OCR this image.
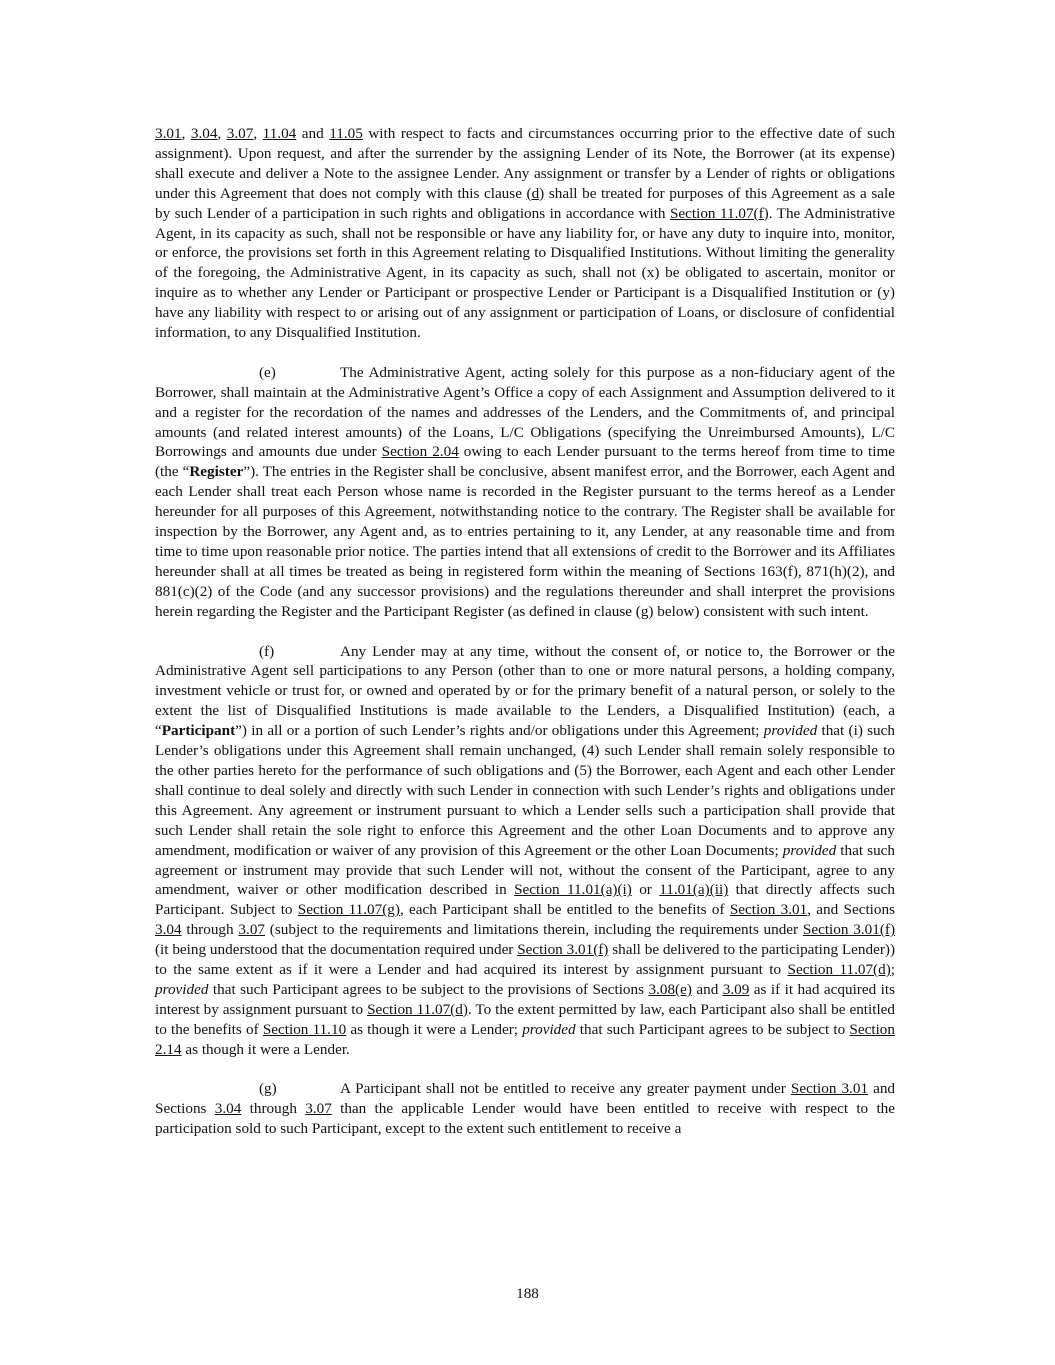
3.01, 3.04, 3.07, 11.04 and 11.05 with respect to facts and circumstances occurring prior to the effective date of such assignment). Upon request, and after the surrender by the assigning Lender of its Note, the Borrower (at its expense) shall execute and deliver a Note to the assignee Lender. Any assignment or transfer by a Lender of rights or obligations under this Agreement that does not comply with this clause (d) shall be treated for purposes of this Agreement as a sale by such Lender of a participation in such rights and obligations in accordance with Section 11.07(f). The Administrative Agent, in its capacity as such, shall not be responsible or have any liability for, or have any duty to inquire into, monitor, or enforce, the provisions set forth in this Agreement relating to Disqualified Institutions. Without limiting the generality of the foregoing, the Administrative Agent, in its capacity as such, shall not (x) be obligated to ascertain, monitor or inquire as to whether any Lender or Participant or prospective Lender or Participant is a Disqualified Institution or (y) have any liability with respect to or arising out of any assignment or participation of Loans, or disclosure of confidential information, to any Disqualified Institution.

(e)	The Administrative Agent, acting solely for this purpose as a non-fiduciary agent of the Borrower, shall maintain at the Administrative Agent’s Office a copy of each Assignment and Assumption delivered to it and a register for the recordation of the names and addresses of the Lenders, and the Commitments of, and principal amounts (and related interest amounts) of the Loans, L/C Obligations (specifying the Unreimbursed Amounts), L/C Borrowings and amounts due under Section 2.04 owing to each Lender pursuant to the terms hereof from time to time (the “Register”). The entries in the Register shall be conclusive, absent manifest error, and the Borrower, each Agent and each Lender shall treat each Person whose name is recorded in the Register pursuant to the terms hereof as a Lender hereunder for all purposes of this Agreement, notwithstanding notice to the contrary. The Register shall be available for inspection by the Borrower, any Agent and, as to entries pertaining to it, any Lender, at any reasonable time and from time to time upon reasonable prior notice. The parties intend that all extensions of credit to the Borrower and its Affiliates hereunder shall at all times be treated as being in registered form within the meaning of Sections 163(f), 871(h)(2), and 881(c)(2) of the Code (and any successor provisions) and the regulations thereunder and shall interpret the provisions herein regarding the Register and the Participant Register (as defined in clause (g) below) consistent with such intent.

(f)	Any Lender may at any time, without the consent of, or notice to, the Borrower or the Administrative Agent sell participations to any Person (other than to one or more natural persons, a holding company, investment vehicle or trust for, or owned and operated by or for the primary benefit of a natural person, or solely to the extent the list of Disqualified Institutions is made available to the Lenders, a Disqualified Institution) (each, a “Participant”) in all or a portion of such Lender’s rights and/or obligations under this Agreement; provided that (i) such Lender’s obligations under this Agreement shall remain unchanged, (4) such Lender shall remain solely responsible to the other parties hereto for the performance of such obligations and (5) the Borrower, each Agent and each other Lender shall continue to deal solely and directly with such Lender in connection with such Lender’s rights and obligations under this Agreement. Any agreement or instrument pursuant to which a Lender sells such a participation shall provide that such Lender shall retain the sole right to enforce this Agreement and the other Loan Documents and to approve any amendment, modification or waiver of any provision of this Agreement or the other Loan Documents; provided that such agreement or instrument may provide that such Lender will not, without the consent of the Participant, agree to any amendment, waiver or other modification described in Section 11.01(a)(i) or 11.01(a)(ii) that directly affects such Participant. Subject to Section 11.07(g), each Participant shall be entitled to the benefits of Section 3.01, and Sections 3.04 through 3.07 (subject to the requirements and limitations therein, including the requirements under Section 3.01(f) (it being understood that the documentation required under Section 3.01(f) shall be delivered to the participating Lender)) to the same extent as if it were a Lender and had acquired its interest by assignment pursuant to Section 11.07(d); provided that such Participant agrees to be subject to the provisions of Sections 3.08(e) and 3.09 as if it had acquired its interest by assignment pursuant to Section 11.07(d). To the extent permitted by law, each Participant also shall be entitled to the benefits of Section 11.10 as though it were a Lender; provided that such Participant agrees to be subject to Section 2.14 as though it were a Lender.

(g)	A Participant shall not be entitled to receive any greater payment under Section 3.01 and Sections 3.04 through 3.07 than the applicable Lender would have been entitled to receive with respect to the participation sold to such Participant, except to the extent such entitlement to receive a

188
